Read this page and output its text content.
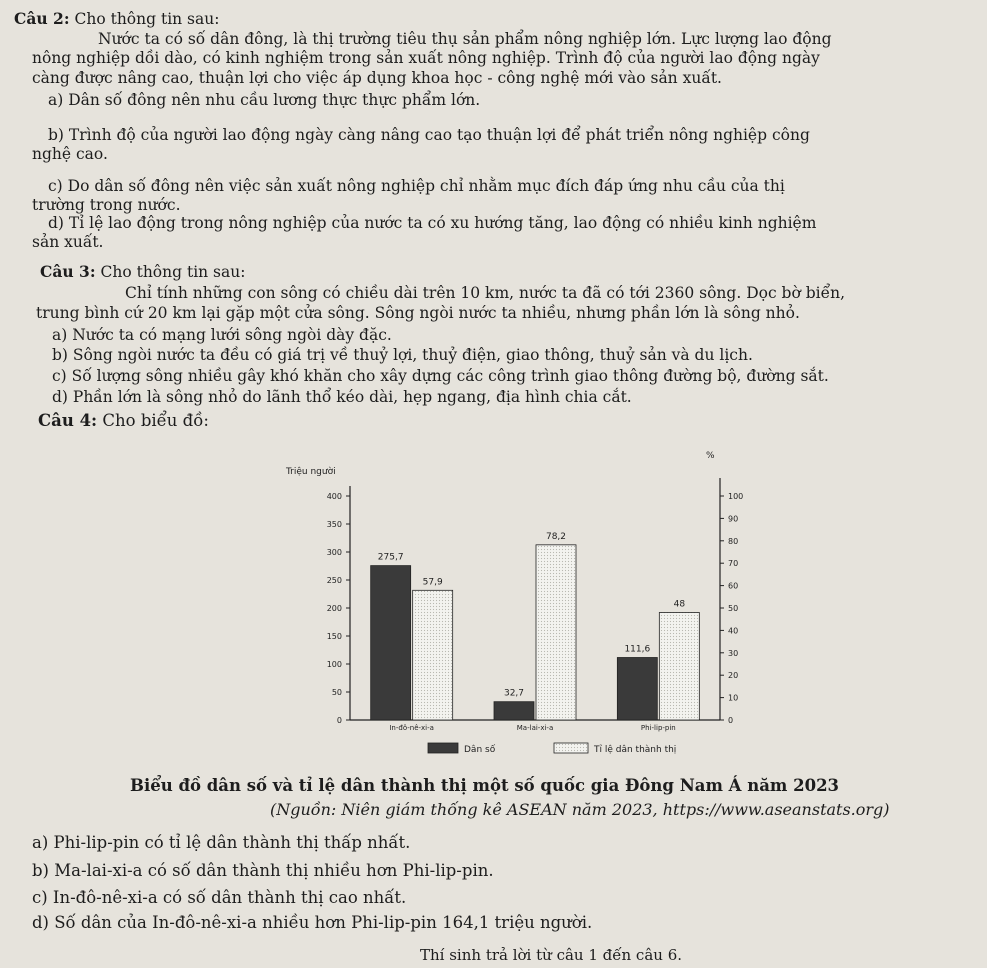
Câu 2: Cho thông tin sau:
Nước ta có số dân đông, là thị trường tiêu thụ sản phẩm nông nghiệp lớn. Lực lượng lao động
nông nghiệp dồi dào, có kinh nghiệm trong sản xuất nông nghiệp. Trình độ của người lao động ngày
càng được nâng cao, thuận lợi cho việc áp dụng khoa học - công nghệ mới vào sản xuất.
a) Dân số đông nên nhu cầu lương thực thực phẩm lớn.
b) Trình độ của người lao động ngày càng nâng cao tạo thuận lợi để phát triển nông nghiệp công
nghệ cao.
c) Do dân số đông nên việc sản xuất nông nghiệp chỉ nhằm mục đích đáp ứng nhu cầu của thị
trường trong nước.
d) Tỉ lệ lao động trong nông nghiệp của nước ta có xu hướng tăng, lao động có nhiều kinh nghiệm
sản xuất.
Câu 3: Cho thông tin sau:
Chỉ tính những con sông có chiều dài trên 10 km, nước ta đã có tới 2360 sông. Dọc bờ biển,
trung bình cứ 20 km lại gặp một cửa sông. Sông ngòi nước ta nhiều, nhưng phần lớn là sông nhỏ.
a) Nước ta có mạng lưới sông ngòi dày đặc.
b) Sông ngòi nước ta đều có giá trị về thuỷ lợi, thuỷ điện, giao thông, thuỷ sản và du lịch.
c) Số lượng sông nhiều gây khó khăn cho xây dựng các công trình giao thông đường bộ, đường sắt.
d) Phần lớn là sông nhỏ do lãnh thổ kéo dài, hẹp ngang, địa hình chia cắt.
Câu 4: Cho biểu đồ:
Triệu người
%
0
50
100
150
200
250
300
350
400
0
10
20
30
40
50
60
70
80
90
100
275,7
57,9
In-đô-nê-xi-a
32,7
78,2
Ma-lai-xi-a
111,6
48
Phi-lip-pin
Dân số	Tỉ lệ dân thành thị
Biểu đồ dân số và tỉ lệ dân thành thị một số quốc gia Đông Nam Á năm 2023
(Nguồn: Niên giám thống kê ASEAN năm 2023, https://www.aseanstats.org)
a) Phi-lip-pin có tỉ lệ dân thành thị thấp nhất.
b) Ma-lai-xi-a có số dân thành thị nhiều hơn Phi-lip-pin.
c) In-đô-nê-xi-a có số dân thành thị cao nhất.
d) Số dân của In-đô-nê-xi-a nhiều hơn Phi-lip-pin 164,1 triệu người.
Thí sinh trả lời từ câu 1 đến câu 6.
